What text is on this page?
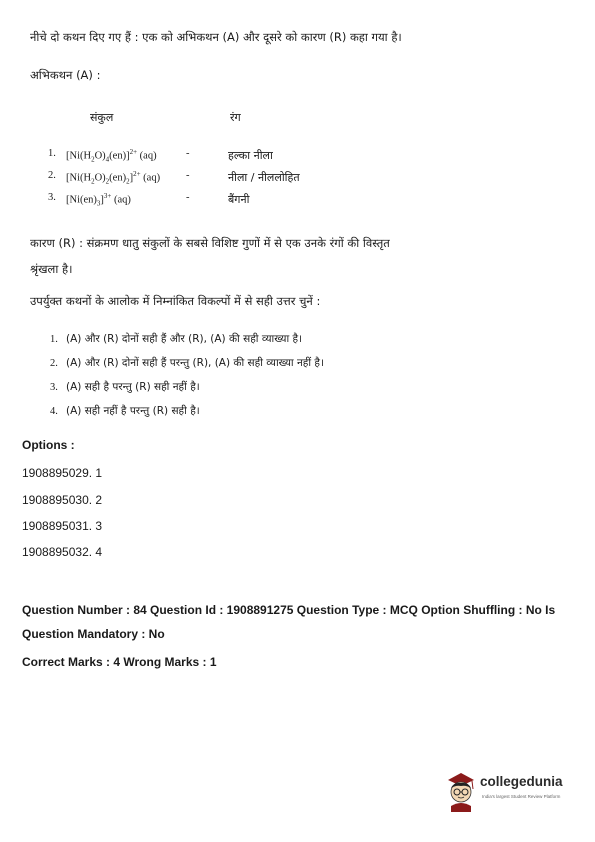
नीचे दो कथन दिए गए हैं : एक को अभिकथन (A) और दूसरे को कारण (R) कहा गया है।
अभिकथन (A) :
संकुल	रंग
1. $[Ni(H_2O)_4(en)]^{2+}$ (aq)	-	हल्का नीला
2. $[Ni(H_2O)_2(en)_2]^{2+}$ (aq) -	नीला / नीललोहित
3. $[Ni(en)_3]^{3+}$ (aq)	-	बैंगनी
कारण (R) : संक्रमण धातु संकुलों के सबसे विशिष्ट गुणों में से एक उनके रंगों की विस्तृत
श्रृंखला है।
उपर्युक्त कथनों के आलोक में निम्नांकित विकल्पों में से सही उत्तर चुनें :
1. (A) और (R) दोनों सही हैं और (R), (A) की सही व्याख्या है।
2. (A) और (R) दोनों सही हैं परन्तु (R), (A) की सही व्याख्या नहीं है।
3. (A) सही है परन्तु (R) सही नहीं है।
4. (A) सही नहीं है परन्तु (R) सही है।
Options :
1908895029. 1
1908895030. 2
1908895031. 3
1908895032. 4
Question Number : 84 Question Id : 1908891275 Question Type : MCQ Option Shuffling : No Is
Question Mandatory : No
Correct Marks : 4 Wrong Marks : 1
collegedunia
India's largest Student Review Platform
